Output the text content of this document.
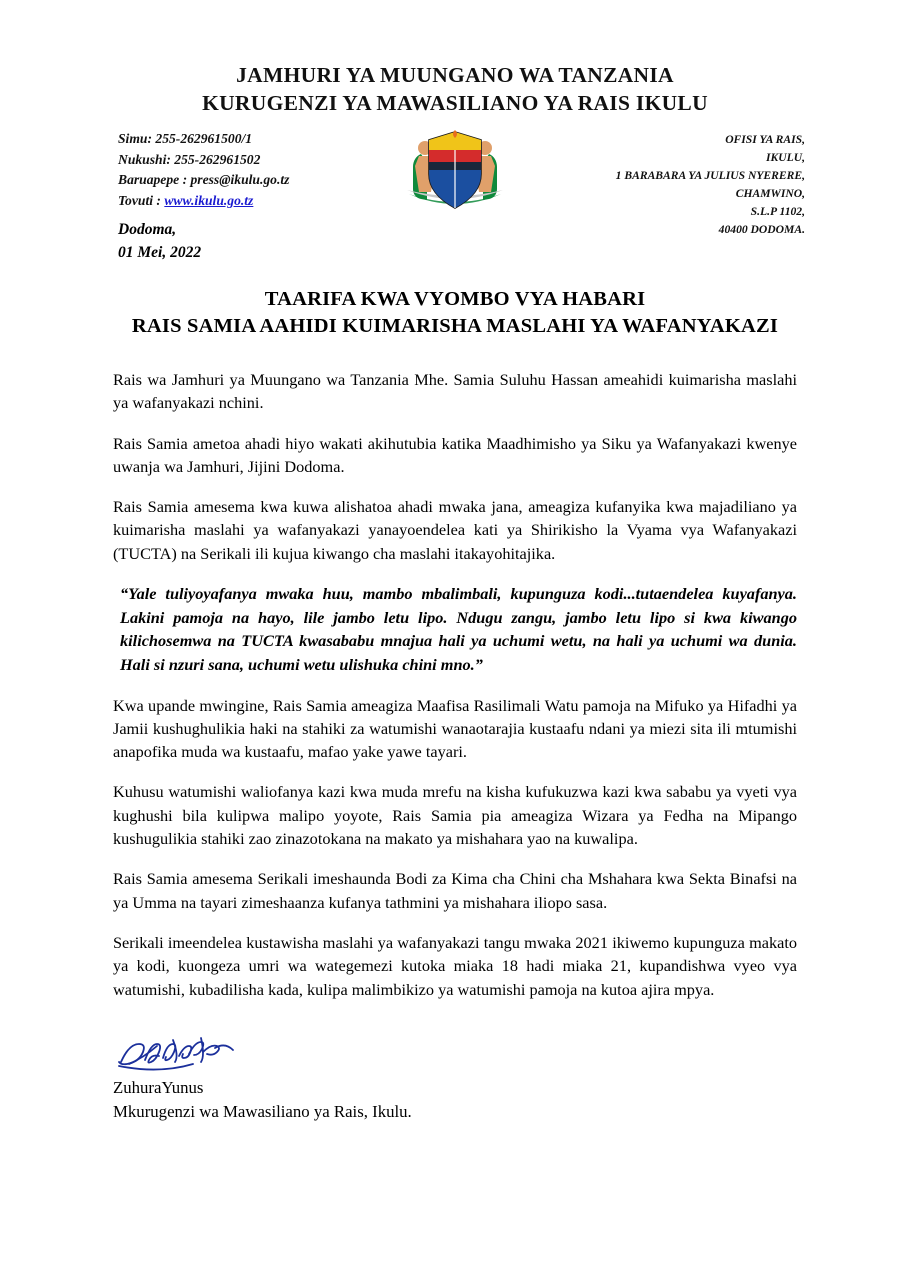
JAMHURI YA MUUNGANO WA TANZANIA
KURUGENZI YA MAWASILIANO YA RAIS IKULU
Simu: 255-262961500/1
Nukushi: 255-262961502
Baruapepe : press@ikulu.go.tz
Tovuti : www.ikulu.go.tz
OFISI YA RAIS,
IKULU,
1 BARABARA YA JULIUS NYERERE,
CHAMWINO,
S.L.P 1102,
40400 DODOMA.
Dodoma,
01 Mei, 2022
TAARIFA KWA VYOMBO VYA HABARI
RAIS SAMIA AAHIDI KUIMARISHA MASLAHI YA WAFANYAKAZI

Rais wa Jamhuri ya Muungano wa Tanzania Mhe. Samia Suluhu Hassan ameahidi kuimarisha maslahi ya wafanyakazi nchini.

Rais Samia ametoa ahadi hiyo wakati akihutubia katika Maadhimisho ya Siku ya Wafanyakazi kwenye uwanja wa Jamhuri, Jijini Dodoma.

Rais Samia amesema kwa kuwa alishatoa ahadi mwaka jana, ameagiza kufanyika kwa majadiliano ya kuimarisha maslahi ya wafanyakazi yanayoendelea kati ya Shirikisho la Vyama vya Wafanyakazi (TUCTA) na Serikali ili kujua kiwango cha maslahi itakayohitajika.

“Yale tuliyoyafanya mwaka huu, mambo mbalimbali, kupunguza kodi...tutaendelea kuyafanya. Lakini pamoja na hayo, lile jambo letu lipo. Ndugu zangu, jambo letu lipo si kwa kiwango kilichosemwa na TUCTA kwasababu mnajua hali ya uchumi wetu, na hali ya uchumi wa dunia. Hali si nzuri sana, uchumi wetu ulishuka chini mno.”

Kwa upande mwingine, Rais Samia ameagiza Maafisa Rasilimali Watu pamoja na Mifuko ya Hifadhi ya Jamii kushughulikia haki na stahiki za watumishi wanaotarajia kustaafu ndani ya miezi sita ili mtumishi anapofika muda wa kustaafu, mafao yake yawe tayari.

Kuhusu watumishi waliofanya kazi kwa muda mrefu na kisha kufukuzwa kazi kwa sababu ya vyeti vya kughushi bila kulipwa malipo yoyote, Rais Samia pia ameagiza Wizara ya Fedha na Mipango kushugulikia stahiki zao zinazotokana na makato ya mishahara yao na kuwalipa.

Rais Samia amesema Serikali imeshaunda Bodi za Kima cha Chini cha Mshahara kwa Sekta Binafsi na ya Umma na tayari zimeshaanza kufanya tathmini ya mishahara iliopo sasa.

Serikali imeendelea kustawisha maslahi ya wafanyakazi tangu mwaka 2021 ikiwemo kupunguza makato ya kodi, kuongeza umri wa wategemezi kutoka miaka 18 hadi miaka 21, kupandishwa vyeo vya watumishi, kubadilisha kada, kulipa malimbikizo ya watumishi pamoja na kutoa ajira mpya.

ZuhuraYunus
Mkurugenzi wa Mawasiliano ya Rais, Ikulu.
